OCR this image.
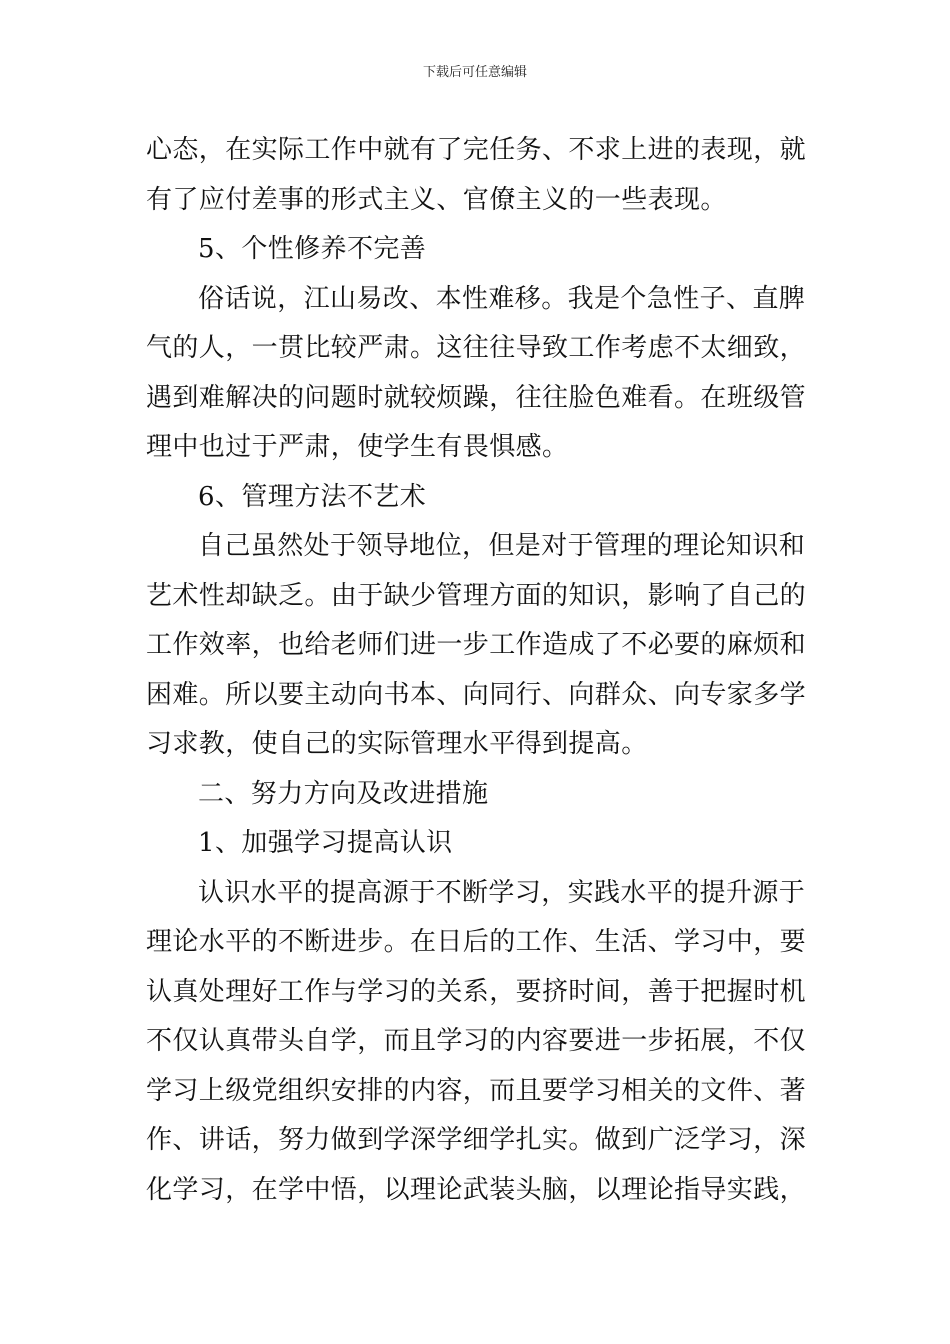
下载后可任意编辑
心态，在实际工作中就有了完任务、不求上进的表现，就
有了应付差事的形式主义、官僚主义的一些表现。
5、个性修养不完善
俗话说，江山易改、本性难移。我是个急性子、直脾
气的人，一贯比较严肃。这往往导致工作考虑不太细致，
遇到难解决的问题时就较烦躁，往往脸色难看。在班级管
理中也过于严肃，使学生有畏惧感。
6、管理方法不艺术
自己虽然处于领导地位，但是对于管理的理论知识和
艺术性却缺乏。由于缺少管理方面的知识，影响了自己的
工作效率，也给老师们进一步工作造成了不必要的麻烦和
困难。所以要主动向书本、向同行、向群众、向专家多学
习求教，使自己的实际管理水平得到提高。
二、努力方向及改进措施
1、加强学习提高认识
认识水平的提高源于不断学习，实践水平的提升源于
理论水平的不断进步。在日后的工作、生活、学习中，要
认真处理好工作与学习的关系，要挤时间，善于把握时机
不仅认真带头自学，而且学习的内容要进一步拓展，不仅
学习上级党组织安排的内容，而且要学习相关的文件、著
作、讲话，努力做到学深学细学扎实。做到广泛学习，深
化学习，在学中悟，以理论武装头脑，以理论指导实践，
